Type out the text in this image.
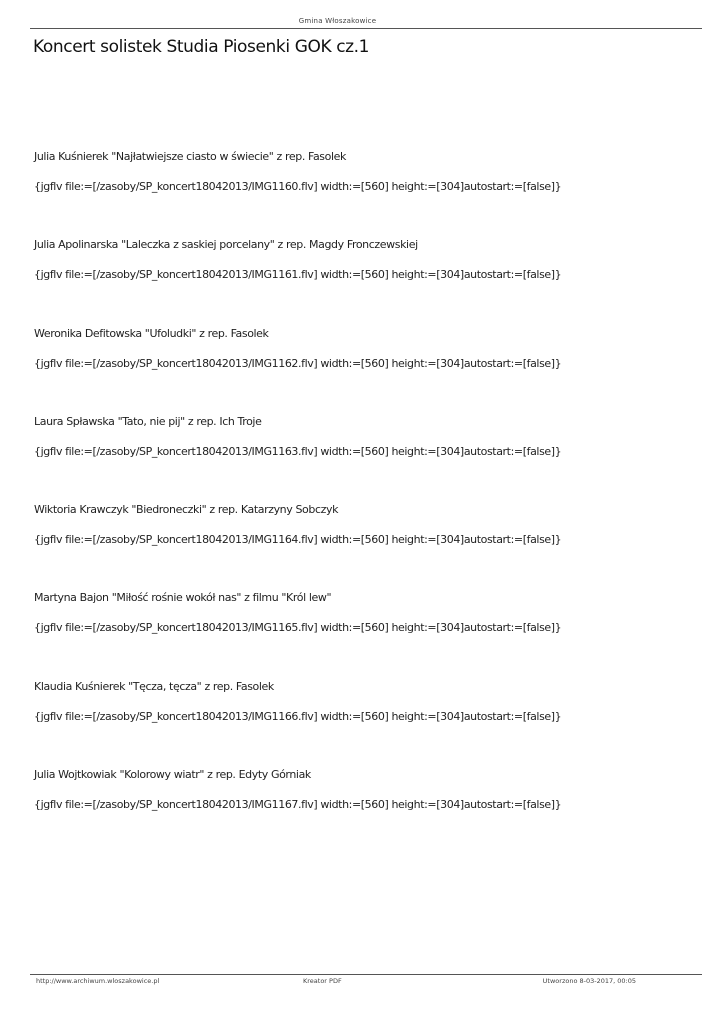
Gmina Włoszakowice
Koncert solistek Studia Piosenki GOK cz.1
Julia Kuśnierek "Najłatwiejsze ciasto w świecie" z rep. Fasolek
{jgflv file:=[/zasoby/SP_koncert18042013/IMG1160.flv] width:=[560] height:=[304]autostart:=[false]}
Julia Apolinarska "Laleczka z saskiej porcelany" z rep. Magdy Fronczewskiej
{jgflv file:=[/zasoby/SP_koncert18042013/IMG1161.flv] width:=[560] height:=[304]autostart:=[false]}
Weronika Defitowska "Ufoludki" z rep. Fasolek
{jgflv file:=[/zasoby/SP_koncert18042013/IMG1162.flv] width:=[560] height:=[304]autostart:=[false]}
Laura Spławska "Tato, nie pij" z rep. Ich Troje
{jgflv file:=[/zasoby/SP_koncert18042013/IMG1163.flv] width:=[560] height:=[304]autostart:=[false]}
Wiktoria Krawczyk "Biedroneczki" z rep. Katarzyny Sobczyk
{jgflv file:=[/zasoby/SP_koncert18042013/IMG1164.flv] width:=[560] height:=[304]autostart:=[false]}
Martyna Bajon "Miłość rośnie wokół nas" z filmu "Król lew"
{jgflv file:=[/zasoby/SP_koncert18042013/IMG1165.flv] width:=[560] height:=[304]autostart:=[false]}
Klaudia Kuśnierek "Tęcza, tęcza" z rep. Fasolek
{jgflv file:=[/zasoby/SP_koncert18042013/IMG1166.flv] width:=[560] height:=[304]autostart:=[false]}
Julia Wojtkowiak "Kolorowy wiatr" z rep. Edyty Górniak
{jgflv file:=[/zasoby/SP_koncert18042013/IMG1167.flv] width:=[560] height:=[304]autostart:=[false]}
http://www.archiwum.wloszakowice.pl	Kreator PDF	Utworzono 8-03-2017, 00:05
